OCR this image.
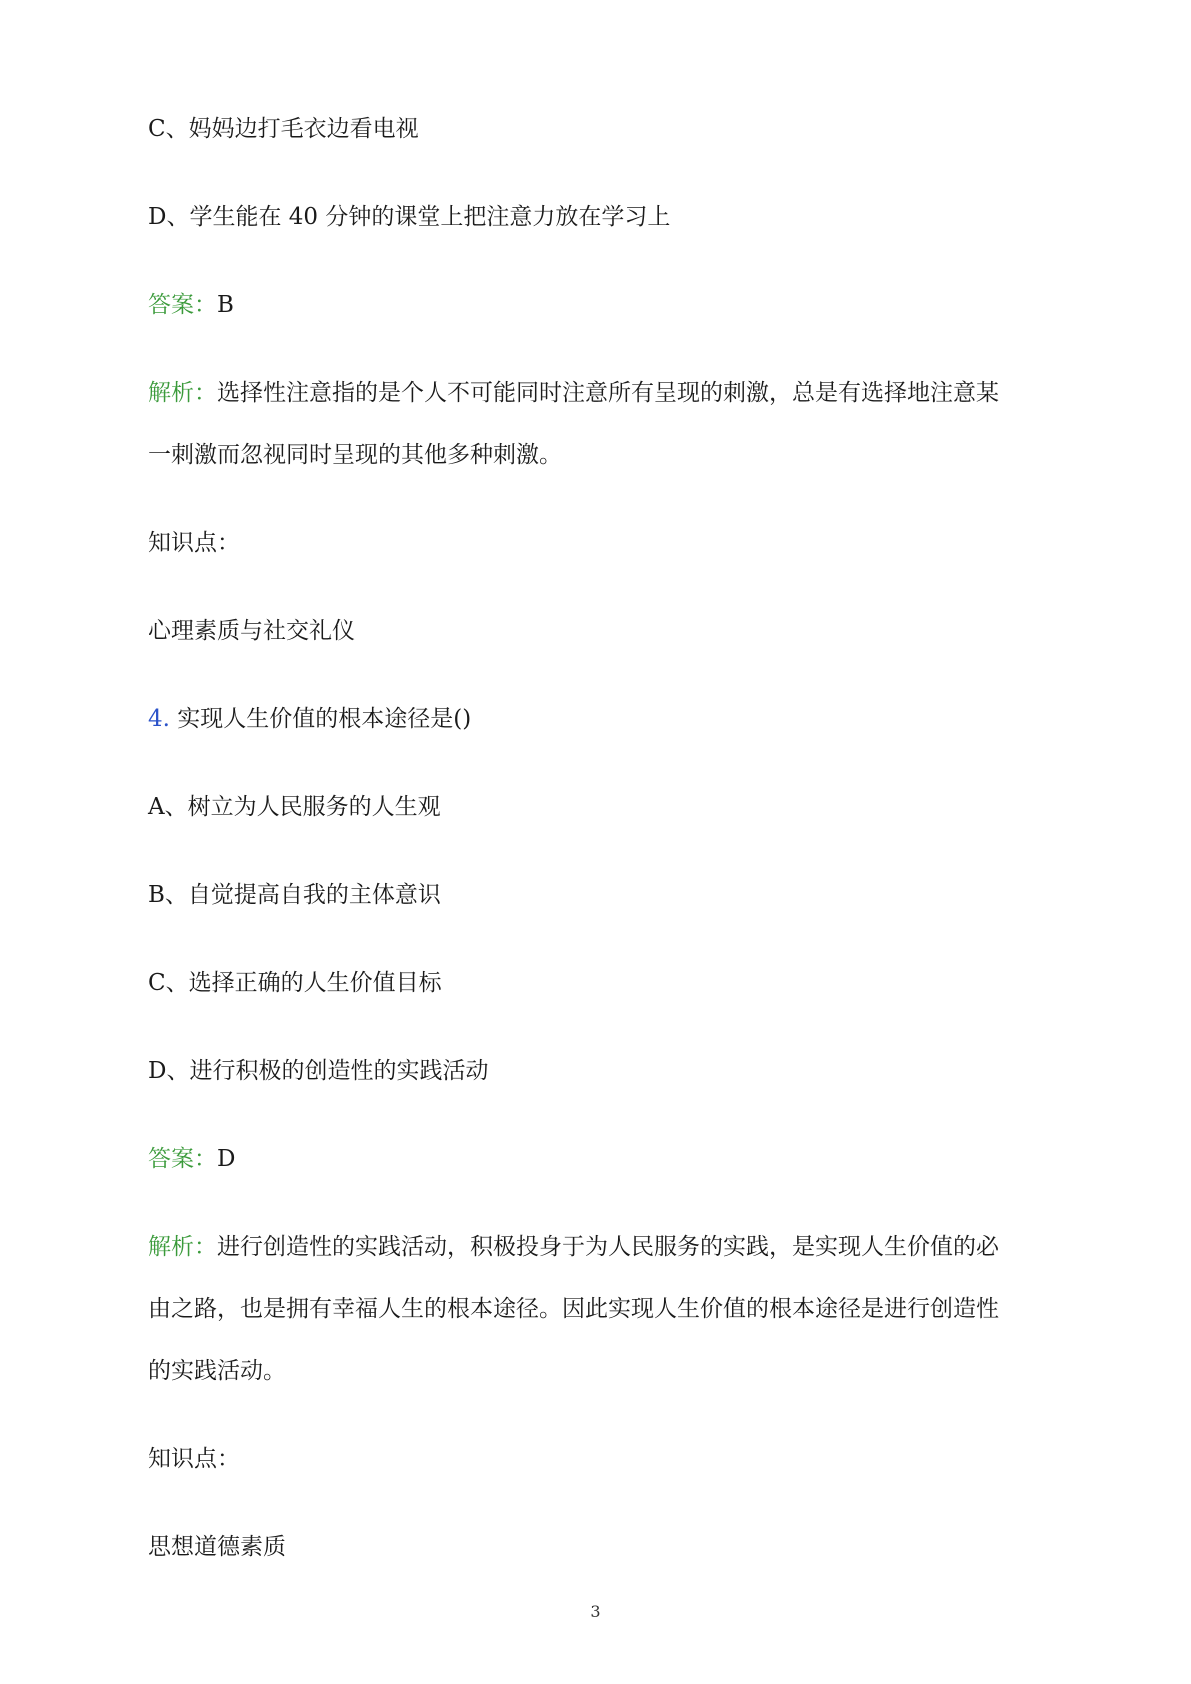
C、妈妈边打毛衣边看电视
D、学生能在 40 分钟的课堂上把注意力放在学习上
答案：B
解析：选择性注意指的是个人不可能同时注意所有呈现的刺激，总是有选择地注意某
一刺激而忽视同时呈现的其他多种刺激。
知识点：
心理素质与社交礼仪
4. 实现人生价值的根本途径是()
A、树立为人民服务的人生观
B、自觉提高自我的主体意识
C、选择正确的人生价值目标
D、进行积极的创造性的实践活动
答案：D
解析：进行创造性的实践活动，积极投身于为人民服务的实践，是实现人生价值的必
由之路，也是拥有幸福人生的根本途径。因此实现人生价值的根本途径是进行创造性
的实践活动。
知识点：
思想道德素质
3
